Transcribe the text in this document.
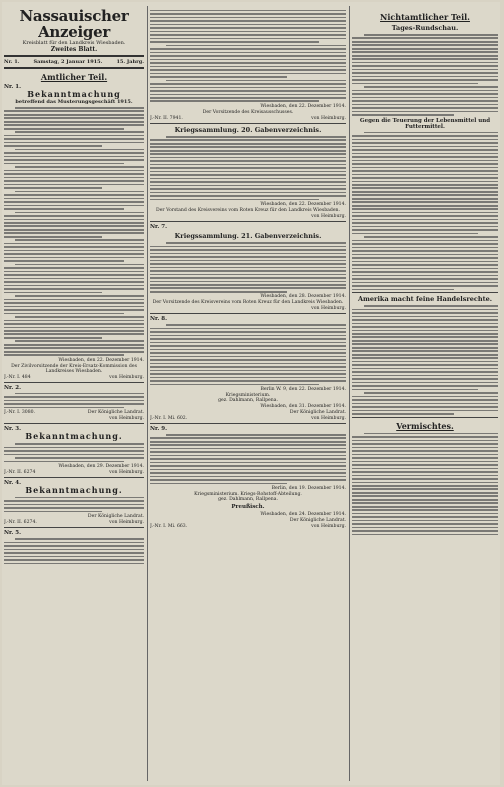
Nassauischer Anzeiger
Kreisblatt für den Landkreis Wiesbaden.
Zweites Blatt.
Nr. 1.	Samstag, 2 Januar 1915.	15. Jahrg.
Amtlicher Teil.
Nr. 1.
Bekanntmachung
betreffend das Musterungsgeschäft 1915.
Wiesbaden, den 22. Dezember 1914.
Der Zivilvorsitzende der Kreis-Ersatz-Kommission des Landkreises Wiesbaden.
J.-Nr. I. 484	von Heimburg.
Nr. 2.
J.-Nr. I. 3080.	Der Königliche Landrat.
von Heimburg.
Nr. 3.
Bekanntmachung.
Wiesbaden, den 29. Dezember 1914.
J.-Nr. II. 6274	von Heimburg.
Nr. 4.
Bekanntmachung.
Der Königliche Landrat.
J.-Nr. II. 6274.	von Heimburg.
Nr. 5.
Wiesbaden, den 22. Dezember 1914.
Der Vorsitzende des Kreisausschusses.
J.-Nr. II. 7941.	von Heimburg.
Kriegssammlung. 20. Gabenverzeichnis.
Wiesbaden, den 22. Dezember 1914.
Der Vorstand des Kreisvereins vom Roten Kreuz für den Landkreis Wiesbaden.
von Heimburg.
Nr. 7.
Kriegssammlung. 21. Gabenverzeichnis.
Wiesbaden, den 28. Dezember 1914.
Der Vorsitzende des Kreisvereins vom Roten Kreuz für den Landkreis Wiesbaden.
von Heimburg.
Nr. 8.
Berlin W. 9, den 22. Dezember 1914.
Kriegsministerium.
gez. Dahlmann, Rallpena.
Wiesbaden, den 31. Dezember 1914.
Der Königliche Landrat.
J.-Nr. I. Mi. 602.	von Heimburg.
Nr. 9.
Berlin, den 19. Dezember 1914.
Kriegsministerium. Kriegs-Rohstoff-Abteilung.
gez. Dahlmann, Rallpena.
Preußisch.
Wiesbaden, den 24. Dezember 1914.
Der Königliche Landrat.
J.-Nr. I. Mi. 663.	von Heimburg.
Nichtamtlicher Teil.
Tages-Rundschau.
Gegen die Teuerung der Lebensmittel und Futtermittel.
Amerika macht feine Handelsrechte.
Vermischtes.
